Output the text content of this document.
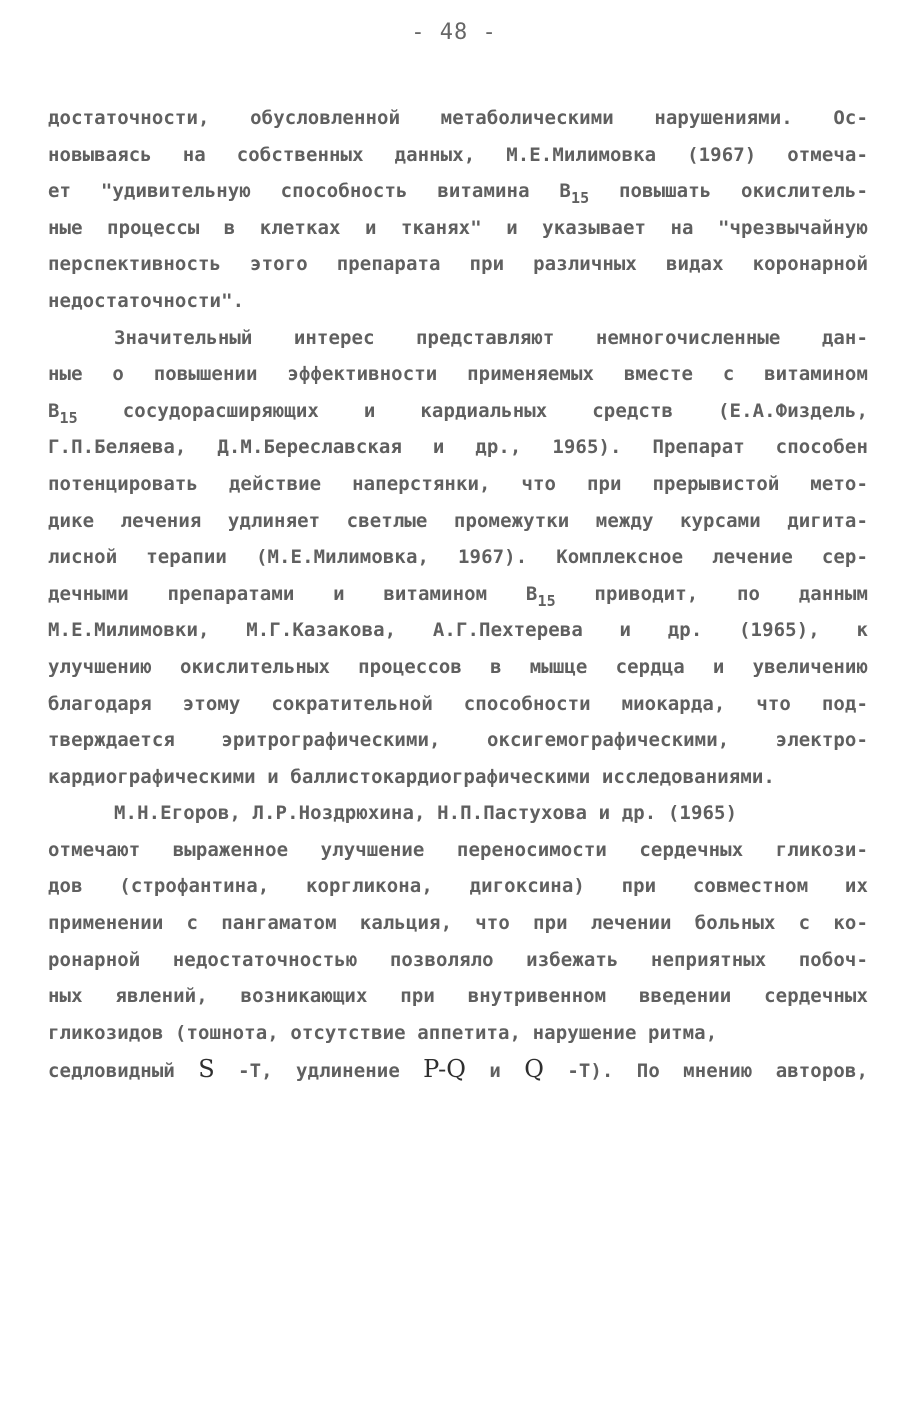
- 48 -
достаточности, обусловленной метаболическими нарушениями. Ос-
новываясь на собственных данных, М.Е.Милимовка (1967) отмеча-
ет "удивительную способность витамина $В_{15}$ повышать окислитель-
ные процессы в клетках и тканях" и указывает на "чрезвычайную
перспективность этого препарата при различных видах коронарной
недостаточности".
Значительный интерес представляют немногочисленные дан-
ные о повышении эффективности применяемых вместе с витамином
$В_{15}$ сосудорасширяющих и кардиальных средств (Е.А.Физдель,
Г.П.Беляева, Д.М.Береславская и др., 1965). Препарат способен
потенцировать действие наперстянки, что при прерывистой мето-
дике лечения удлиняет светлые промежутки между курсами дигита-
лисной терапии (М.Е.Милимовка, 1967). Комплексное лечение сер-
дечными препаратами и витамином $В_{15}$ приводит, по данным
М.Е.Милимовки, М.Г.Казакова, А.Г.Пехтерева и др. (1965), к
улучшению окислительных процессов в мышце сердца и увеличению
благодаря этому сократительной способности миокарда, что под-
тверждается эритрографическими, оксигемографическими, электро-
кардиографическими и баллистокардиографическими исследованиями.
М.Н.Егоров, Л.Р.Ноздрюхина, Н.П.Пастухова и др. (1965)
отмечают выраженное улучшение переносимости сердечных гликози-
дов (строфантина, коргликона, дигоксина) при совместном их
применении с пангаматом кальция, что при лечении больных с ко-
ронарной недостаточностью позволяло избежать неприятных побоч-
ных явлений, возникающих при внутривенном введении сердечных
гликозидов (тошнота, отсутствие аппетита, нарушение ритма,
седловидный S -Т, удлинение P-Q и Q -Т). По мнению авторов,
